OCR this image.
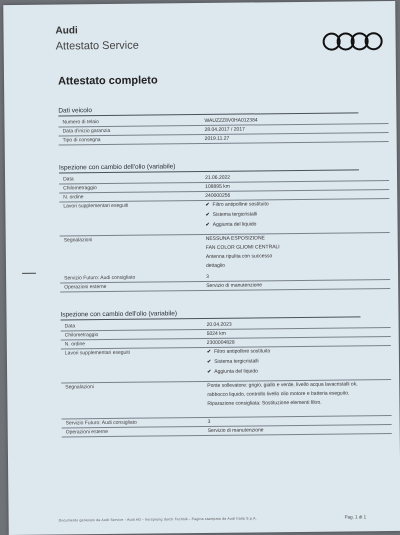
Audi
Attestato Service
Attestato completo
Dati veicolo
Numero di telaio	WAUZZZ8V0HA012384
Data d'inizio garanzia	28.04.2017 / 2017
Tipo di consegna	2019.11.27
Ispezione con cambio dell'olio (variabile)
Data	21.06.2022
Chilometraggio	108895 km
N. ordine	240000256
Lavori supplementari eseguiti	✔ Filtro antipolline sostituito
✔ Sistema tergicristalli
✔ Aggiunta del liquido
Segnalazioni	NESSUNA ESPOSIZIONE
FAN COLOR GLIOMI CENTRALI
Antenna ripulita con successo
dettaglio
Servizio Futuro: Audi consigliato	3
Operazioni esterne	Servizio di manutenzione
Ispezione con cambio dell'olio (variabile)
Data	20.04.2023
Chilometraggio	5024 km
N. ordine	2300004828
Lavori supplementari eseguiti	✔ Filtro antipolline sostituito
✔ Sistema tergicristalli
✔ Aggiunta del liquido
Segnalazioni	Ponte sollevatore: grigio, giallo e verde, livello acqua lavacristalli ok,
rabbocco liquido, controllo livello olio motore e batteria eseguito.
Riparazione consigliata: Sostituzione elementi filtro.
Servizio Futuro: Audi consigliato	3
Operazioni esterne	Servizio di manutenzione
Documento generato da Audi Service - Audi AG - Vorsprung durch Technik - Pagina stampata da Audi Italia S.p.A.	Pag. 1 di 1
